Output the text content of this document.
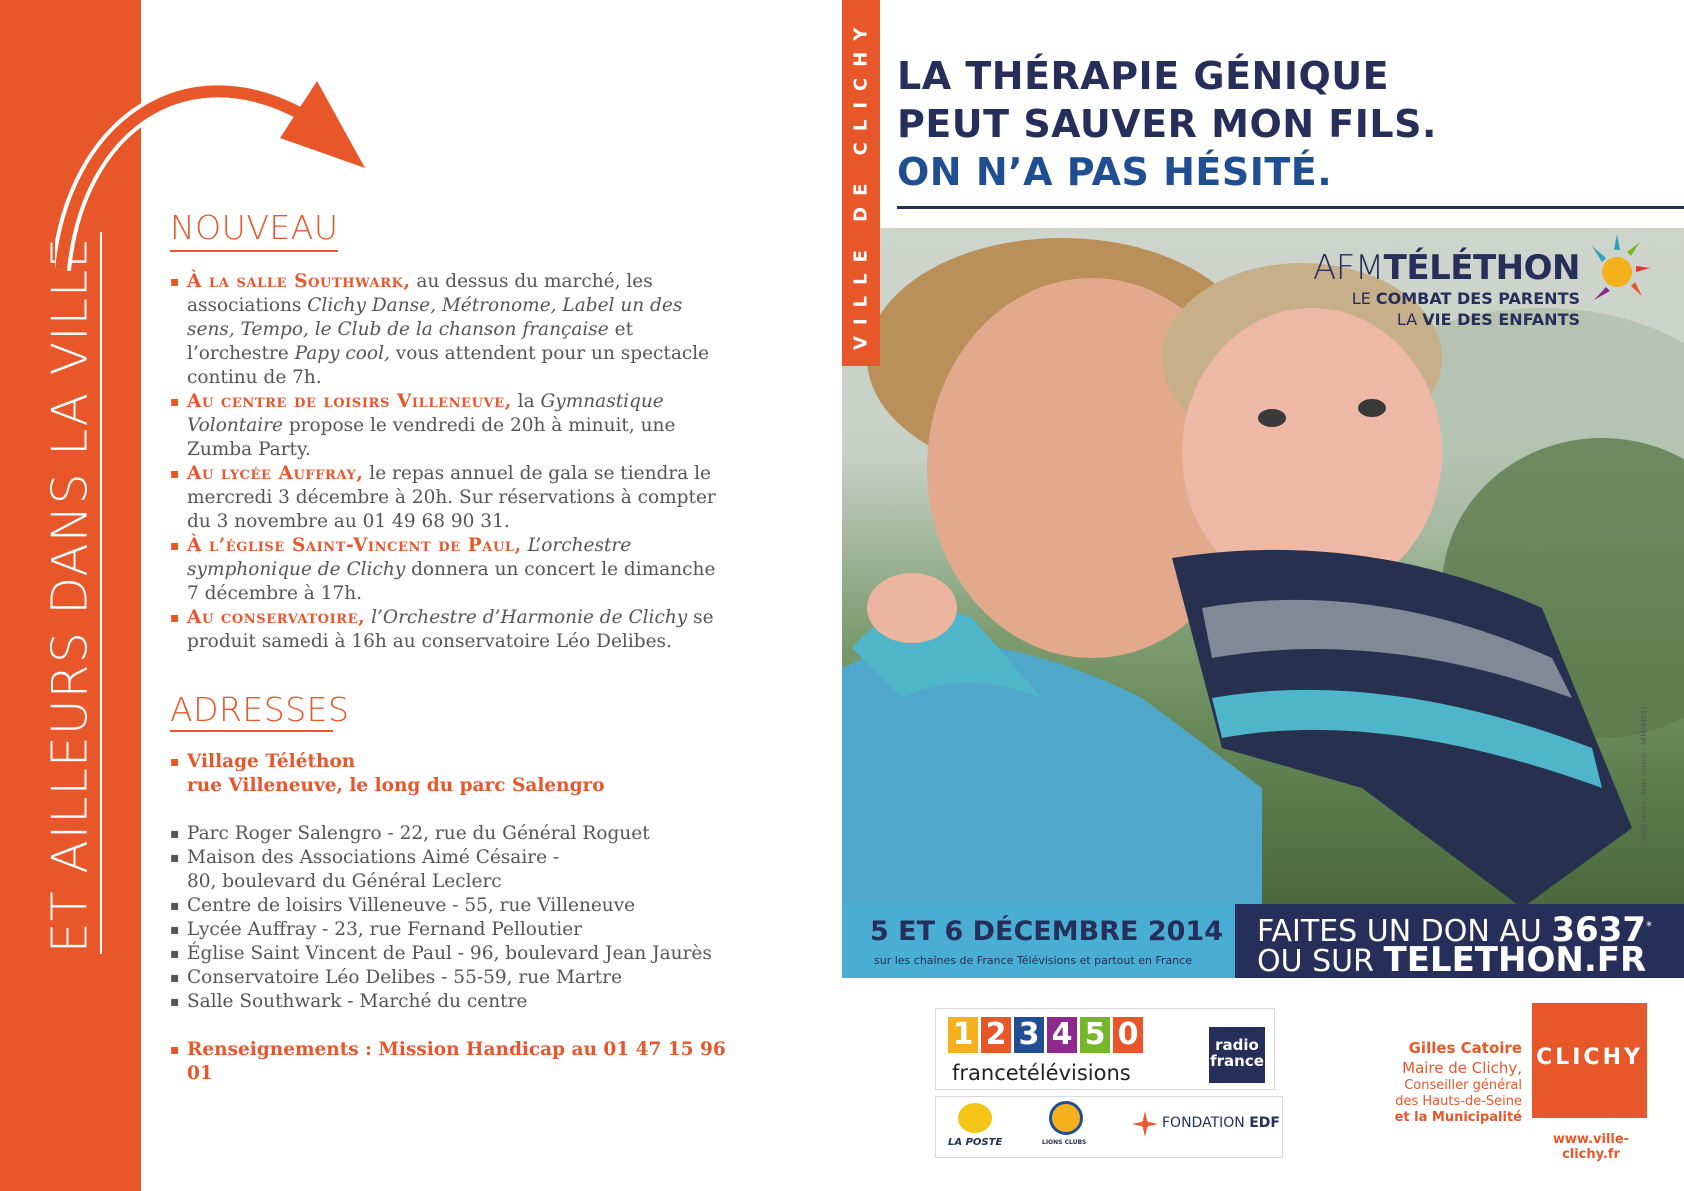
ET AILLEURS DANS LA VILLE
NOUVEAU
▪ À la salle Southwark, au dessus du marché, les associations Clichy Danse, Métronome, Label un des sens, Tempo, le Club de la chanson française et l’orchestre Papy cool, vous attendent pour un spectacle continu de 7h.
▪ Au centre de loisirs Villeneuve, la Gymnastique Volontaire propose le vendredi de 20h à minuit, une Zumba Party.
▪ Au lycée Auffray, le repas annuel de gala se tiendra le mercredi 3 décembre à 20h. Sur réservations à compter du 3 novembre au 01 49 68 90 31.
▪ À l’église Saint-Vincent de Paul, L’orchestre symphonique de Clichy donnera un concert le dimanche 7 décembre à 17h.
▪ Au conservatoire, l’Orchestre d’Harmonie de Clichy se produit samedi à 16h au conservatoire Léo Delibes.
ADRESSES
▪ Village Téléthon
rue Villeneuve, le long du parc Salengro
▪ Parc Roger Salengro - 22, rue du Général Roguet
▪ Maison des Associations Aimé Césaire - 80, boulevard du Général Leclerc
▪ Centre de loisirs Villeneuve - 55, rue Villeneuve
▪ Lycée Auffray - 23, rue Fernand Pelloutier
▪ Église Saint Vincent de Paul - 96, boulevard Jean Jaurès
▪ Conservatoire Léo Delibes - 55-59, rue Martre
▪ Salle Southwark - Marché du centre
▪ Renseignements : Mission Handicap au 01 47 15 96 01
VILLE DE CLICHY LA THÉRAPIE GÉNIQUE
PEUT SAUVER MON FILS.
ON N’A PAS HÉSITÉ.
AFMTÉLÉTHON
LE COMBAT DES PARENTS
LA VIE DES ENFANTS
Crédit photo : Marc Guérin - AFM/d4051
5 ET 6 DÉCEMBRE 2014
sur les chaînes de France Télévisions et partout en France
FAITES UN DON AU 3637*
OU SUR TELETHON.FR
1 2 3 4 5 0
francetélévisions
radio
france
LA POSTE	LIONS CLUBS
FONDATION EDF
Gilles Catoire
Maire de Clichy,
Conseiller général
des Hauts-de-Seine
et la Municipalité
CLICHY
www.ville-clichy.fr
